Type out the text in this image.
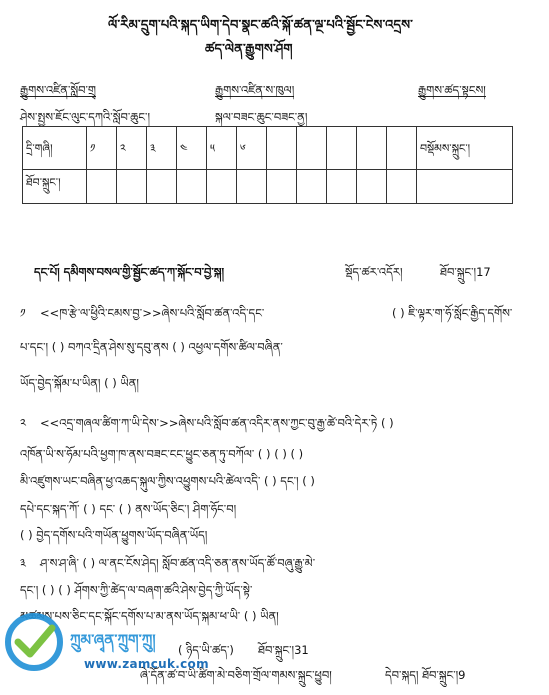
ལོ་རིམ་དྲུག་པའི་སྐད་ཡིག་དེབ་སྣང་ཚའི་སྐོ་ཚན་ལྔ་པའི་སྦྱོང་ངེས་འདྲས་
ཚད་ལེན་རྒྱུགས་ཤོག
རྒྱུགས་འཛིན་སློབ་གྲྭ	རྒྱུགས་འཛིན་ས་ཁུལ།	རྒྱུགས་ཚད་སྟངས།
ཤེས་སྤྱས་ཇོང་ལུང་དཀའི་སློབ་ཆུང་།	སྐལ་བཟང་ཆུང་བཟང་ནྱ།
དྲི་གཞི།	༡	༢	༣	༤	༥	༦						བསྡོམས་སྐྲུང་།
ཐོབ་སྐྲུང་།												
དང་པོ། དམིགས་བསལ་གྱི་སྦྱོང་ཚད་ཀ་སྐོང་བ་བྱེ་སྐ།	སྡོད་ཚར་འདོར།	ཐོབ་སྐྲུང་།17
༡ <<ཁ་རྩེ་ལ་ཕྱིའི་ངམས་བྱ་>>ཞེས་པའི་སློབ་ཚན་འདི་དང་	( ) ཇི་ལྟར་ག་ཧོ་སློང་རྒྱིད་དགོས་
པ་དང་། ( ) བཀའ་དྲིན་ཤེས་སུ་དབུ་ནས ( ) འཕྱལ་དགོས་ཚིལ་བཞིན་
ཡོད་བྱེད་སྐོམ་པ་ཡིན། ( ) ཡིན།
༢ <<འདྲ་གཞལ་ཚིག་ཀ་ཡི་དེས་>>ཞེས་པའི་སློབ་ཚན་འདིར་ནས་ཀྱང་བུ་རྒྱ་ཚེ་བའི་དེར་ཏེ ( )
འཁོན་ཡི་ས་ཧོམ་པའི་ཕྱག་ཁ་ནས་བཟང་ངང་ཕྱུང་ཅན་ཏུ་བཀོལ་ ( ) ( ) ( )
མི་འཛུགས་ཡང་བཞིན་ཕྱ་འཆད་སྐུལ་ཀྱིས་འཕྱུགས་པའི་ཚེལ་འདི་ ( ) དང་། ( )
དཔེ་དང་སྐད་ཀོ་ ( ) དང་ ( ) ནས་ཡོད་ཅིང་། ཤིག་ཧོང་བ།
( ) བྱེད་དགོས་པའི་གཡོན་ཕྱུགས་ཡོད་བཞིན་ཡོད།
༣ ཤ་ས་ཤ་ཞི་ ( ) ལ་ནང་ངོས་ཤེད། སློབ་ཚན་འདི་ཅན་ནས་ཡོད་ཚོ་བཞུ་རྒྱུ་མེ་
དང་། ( ) ( ) ཤོགས་ཀྱི་ཚེད་ལ་བཞག་ཚའི་ཤེས་བྱེད་ཀྱི་ཡོད་སྟེ་
མཚམས་པས་ཅིང་དང་སྐོང་དགོས་པ་མ་ནས་ཡོད་སྐམ་ཕ་ཡི་ ( ) ཡིན།
( ཉིད་ཡི་ཚད་) ཐོབ་སྐྲུང་།31
ཞེ་དོན་ཚ་བ་ཡི་ཚིག་མེ་བཅིག་གྲོལ་གམས་སྐྲུང་ཕྱུབ།	དེབ་སྐད། ཐོབ་སྐྲུང་།9
ཀྲུམ་ཞྭན་ཀྲུག་ཀྲུ།
www.zamcuk.com
